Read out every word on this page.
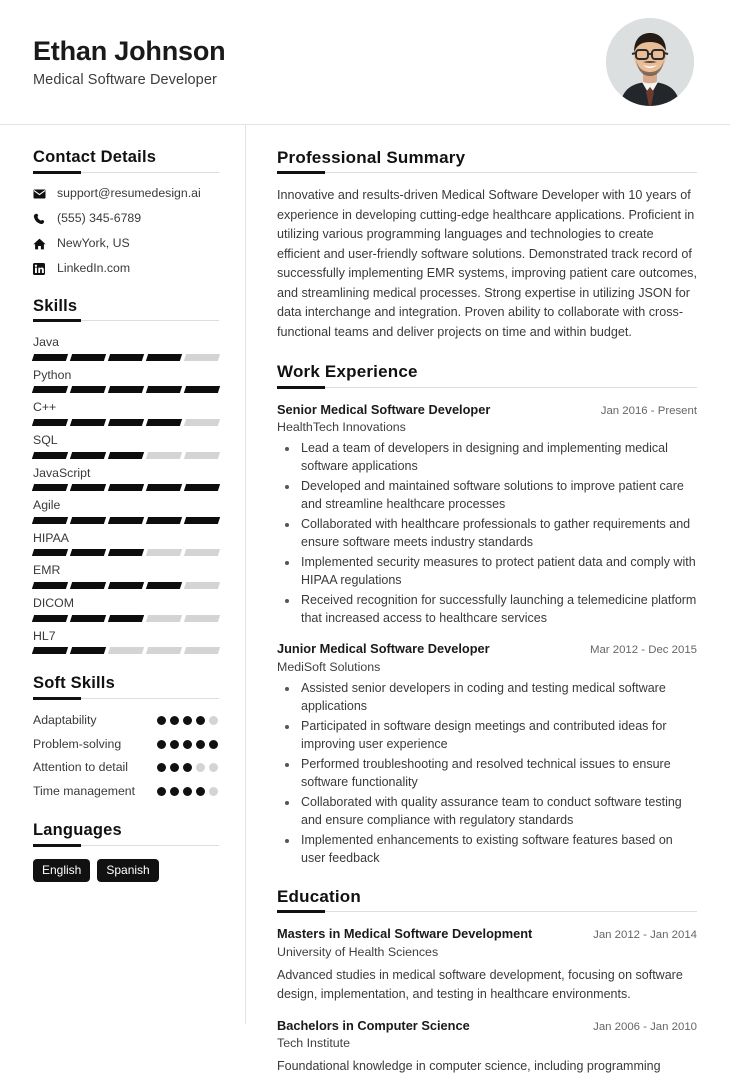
Ethan Johnson
Medical Software Developer
Contact Details
support@resumedesign.ai
(555) 345-6789
NewYork, US
LinkedIn.com
Skills
Java
Python
C++
SQL
JavaScript
Agile
HIPAA
EMR
DICOM
HL7
Soft Skills
Adaptability
Problem-solving
Attention to detail
Time management
Languages
English	Spanish
Professional Summary

Innovative and results-driven Medical Software Developer with 10 years of experience in developing cutting-edge healthcare applications. Proficient in utilizing various programming languages and technologies to create efficient and user-friendly software solutions. Demonstrated track record of successfully implementing EMR systems, improving patient care outcomes, and streamlining medical processes. Strong expertise in utilizing JSON for data interchange and integration. Proven ability to collaborate with cross-functional teams and deliver projects on time and within budget.

Work Experience
Senior Medical Software Developer	Jan 2016 - Present
HealthTech Innovations
• Lead a team of developers in designing and implementing medical software applications
• Developed and maintained software solutions to improve patient care and streamline healthcare processes
• Collaborated with healthcare professionals to gather requirements and ensure software meets industry standards
• Implemented security measures to protect patient data and comply with HIPAA regulations
• Received recognition for successfully launching a telemedicine platform that increased access to healthcare services
Junior Medical Software Developer	Mar 2012 - Dec 2015
MediSoft Solutions
• Assisted senior developers in coding and testing medical software applications
• Participated in software design meetings and contributed ideas for improving user experience
• Performed troubleshooting and resolved technical issues to ensure software functionality
• Collaborated with quality assurance team to conduct software testing and ensure compliance with regulatory standards
• Implemented enhancements to existing software features based on user feedback
Education
Masters in Medical Software Development	Jan 2012 - Jan 2014
University of Health Sciences

Advanced studies in medical software development, focusing on software design, implementation, and testing in healthcare environments.

Bachelors in Computer Science	Jan 2006 - Jan 2010
Tech Institute

Foundational knowledge in computer science, including programming
